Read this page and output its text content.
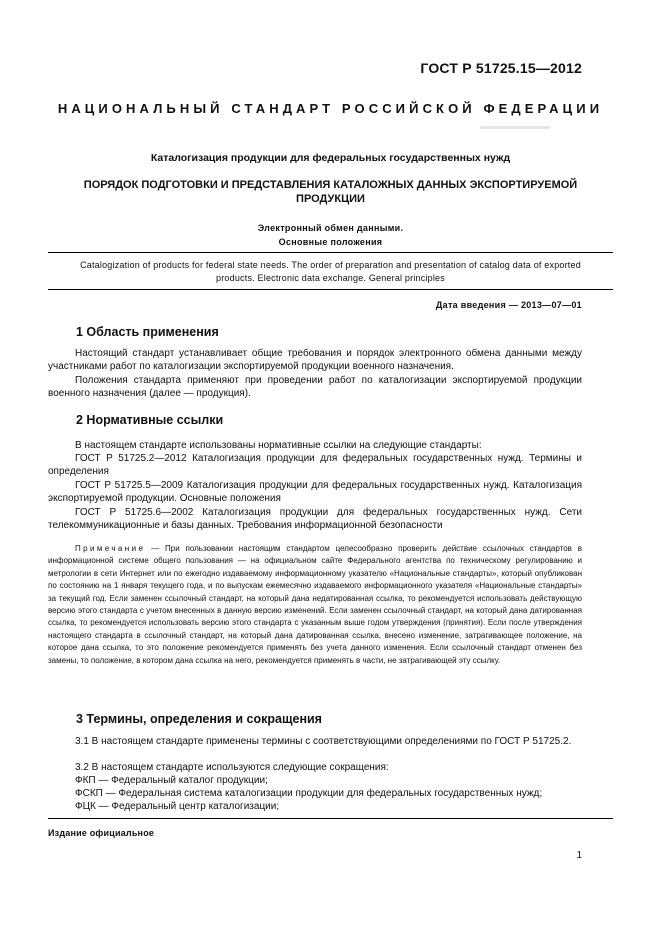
ГОСТ Р 51725.15—2012
НАЦИОНАЛЬНЫЙ СТАНДАРТ РОССИЙСКОЙ ФЕДЕРАЦИИ
Каталогизация продукции для федеральных государственных нужд
ПОРЯДОК ПОДГОТОВКИ И ПРЕДСТАВЛЕНИЯ КАТАЛОЖНЫХ ДАННЫХ ЭКСПОРТИРУЕМОЙ
ПРОДУКЦИИ
Электронный обмен данными.
Основные положения
Catalogization of products for federal state needs. The order of preparation and presentation of catalog data of exported
products. Electronic data exchange. General principles
Дата введения — 2013—07—01
1 Область применения

Настоящий стандарт устанавливает общие требования и порядок электронного обмена данными между участниками работ по каталогизации экспортируемой продукции военного назначения.

Положения стандарта применяют при проведении работ по каталогизации экспортируемой продукции военного назначения (далее — продукция).

2 Нормативные ссылки

В настоящем стандарте использованы нормативные ссылки на следующие стандарты:

ГОСТ Р 51725.2—2012 Каталогизация продукции для федеральных государственных нужд. Термины и определения

ГОСТ Р 51725.5—2009 Каталогизация продукции для федеральных государственных нужд. Каталогизация экспортируемой продукции. Основные положения

ГОСТ Р 51725.6—2002 Каталогизация продукции для федеральных государственных нужд. Сети телекоммуникационные и базы данных. Требования информационной безопасности

Примечание — При пользовании настоящим стандартом целесообразно проверить действие ссылочных стандартов в информационной системе общего пользования — на официальном сайте Федерального агентства по техническому регулированию и метрологии в сети Интернет или по ежегодно издаваемому информационному указателю «Национальные стандарты», который опубликован по состоянию на 1 января текущего года, и по выпускам ежемесячно издаваемого информационного указателя «Национальные стандарты» за текущий год. Если заменен ссылочный стандарт, на который дана недатированная ссылка, то рекомендуется использовать действующую версию этого стандарта с учетом внесенных в данную версию изменений. Если заменен ссылочный стандарт, на который дана датированная ссылка, то рекомендуется использовать версию этого стандарта с указанным выше годом утверждения (принятия). Если после утверждения настоящего стандарта в ссылочный стандарт, на который дана датированная ссылка, внесено изменение, затрагивающее положение, на которое дана ссылка, то это положение рекомендуется применять без учета данного изменения. Если ссылочный стандарт отменен без замены, то положение, в котором дана ссылка на него, рекомендуется применять в части, не затрагивающей эту ссылку.

3 Термины, определения и сокращения

3.1 В настоящем стандарте применены термины с соответствующими определениями по ГОСТ Р 51725.2.

3.2 В настоящем стандарте используются следующие сокращения:

ФКП — Федеральный каталог продукции;

ФСКП — Федеральная система каталогизации продукции для федеральных государственных нужд;

ФЦК — Федеральный центр каталогизации;

Издание официальное
1
